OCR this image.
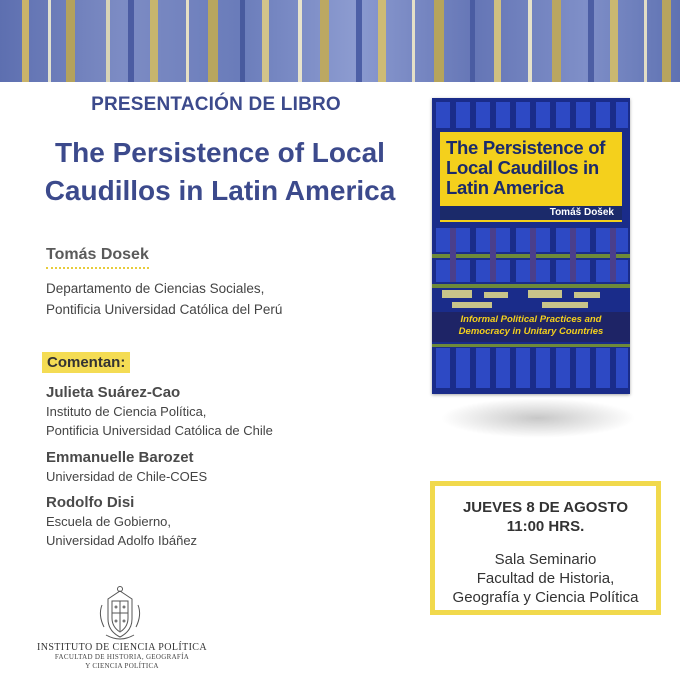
PRESENTACIÓN DE LIBRO
The Persistence of Local Caudillos in Latin America
Tomás Dosek
Departamento de Ciencias Sociales,
Pontificia Universidad Católica del Perú
Comentan:
Julieta Suárez-Cao
Instituto de Ciencia Política,
Pontificia Universidad Católica de Chile
Emmanuelle Barozet
Universidad de Chile-COES
Rodolfo Disi
Escuela de Gobierno,
Universidad Adolfo Ibáñez
INSTITUTO DE CIENCIA POLÍTICA
FACULTAD DE HISTORIA, GEOGRAFÍA
Y CIENCIA POLÍTICA
The Persistence of Local Caudillos in Latin America
Tomáš Došek
Informal Political Practices and
Democracy in Unitary Countries
JUEVES 8 DE AGOSTO
11:00 HRS.
Sala Seminario
Facultad de Historia,
Geografía y Ciencia Política
